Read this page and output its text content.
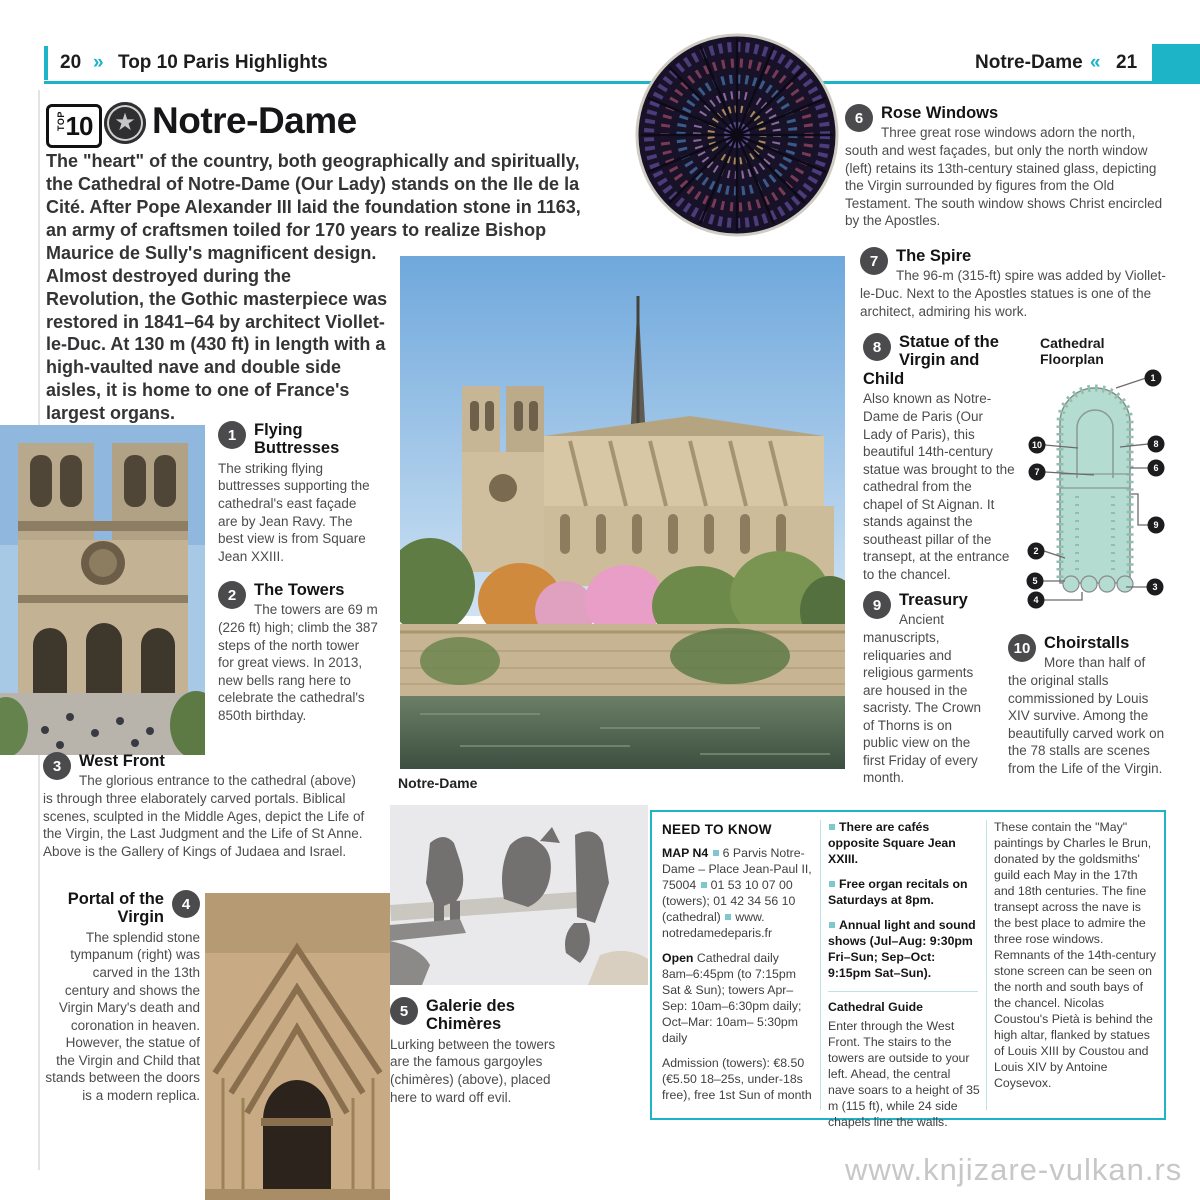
20 » Top 10 Paris Highlights	Notre-Dame « 21
TOP 10 ★ Notre-Dame
The "heart" of the country, both geographically and spiritually, the Cathedral of Notre-Dame (Our Lady) stands on the Ile de la Cité. After Pope Alexander III laid the foundation stone in 1163, an army of craftsmen toiled for 170 years to realize Bishop
Maurice de Sully's magnificent design. Almost destroyed during the Revolution, the Gothic masterpiece was restored in 1841–64 by architect Viollet-le-Duc. At 130 m (430 ft) in length with a high-vaulted nave and double side aisles, it is home to one of France's largest organs.
Notre-Dame
1	Flying Buttresses

The striking flying buttresses supporting the cathedral's east façade are by Jean Ravy. The best view is from Square Jean XXIII.

2	The Towers

The towers are 69 m (226 ft) high; climb the 387 steps of the north tower for great views. In 2013, new bells rang here to celebrate the cathedral's 850th birthday.

3	West Front

The glorious entrance to the cathedral (above) is through three elaborately carved portals. Biblical scenes, sculpted in the Middle Ages, depict the Life of the Virgin, the Last Judgment and the Life of St Anne. Above is the Gallery of Kings of Judaea and Israel.

4
Portal of the Virgin

The splendid stone tympanum (right) was carved in the 13th century and shows the Virgin Mary's death and coronation in heaven. However, the statue of the Virgin and Child that stands between the doors is a modern replica.

5	Galerie des Chimères

Lurking between the towers are the famous gargoyles (chimères) (above), placed here to ward off evil.

6	Rose Windows

Three great rose windows adorn the north, south and west façades, but only the north window (left) retains its 13th-century stained glass, depicting the Virgin surrounded by figures from the Old Testament. The south window shows Christ encircled by the Apostles.

7	The Spire

The 96-m (315-ft) spire was added by Viollet-le-Duc. Next to the Apostles statues is one of the architect, admiring his work.

8	Statue of the Virgin and Child

Also known as Notre-Dame de Paris (Our Lady of Paris), this beautiful 14th-century statue was brought to the cathedral from the chapel of St Aignan. It stands against the southeast pillar of the transept, at the entrance to the chancel.

9	Treasury

Ancient manuscripts, reliquaries and religious garments are housed in the sacristy. The Crown of Thorns is on public view on the first Friday of every month.

10 Choirstalls

More than half of the original stalls commissioned by Louis XIV survive. Among the beautifully carved work on the 78 stalls are scenes from the Life of the Virgin.

Cathedral
Floorplan
1
10
7
8
6
9
2
5
4
3
NEED TO KNOW

MAP N4 6 Parvis Notre-Dame – Place Jean-Paul II, 75004 01 53 10 07 00 (towers); 01 42 34 56 10 (cathedral) www. notredamedeparis.fr

Open Cathedral daily 8am–6:45pm (to 7:15pm Sat & Sun); towers Apr– Sep: 10am–6:30pm daily; Oct–Mar: 10am– 5:30pm daily

Admission (towers): €8.50 (€5.50 18–25s, under-18s free), free 1st Sun of month

There are cafés opposite Square Jean XXIII.

Free organ recitals on Saturdays at 8pm.

Annual light and sound shows (Jul–Aug: 9:30pm Fri–Sun; Sep–Oct: 9:15pm Sat–Sun).

Cathedral Guide

Enter through the West Front. The stairs to the towers are outside to your left. Ahead, the central nave soars to a height of 35 m (115 ft), while 24 side chapels line the walls.

These contain the "May" paintings by Charles le Brun, donated by the goldsmiths' guild each May in the 17th and 18th centuries. The fine transept across the nave is the best place to admire the three rose windows. Remnants of the 14th-century stone screen can be seen on the north and south bays of the chancel. Nicolas Coustou's Pietà is behind the high altar, flanked by statues of Louis XIII by Coustou and Louis XIV by Antoine Coysevox.

www.knjizare-vulkan.rs
